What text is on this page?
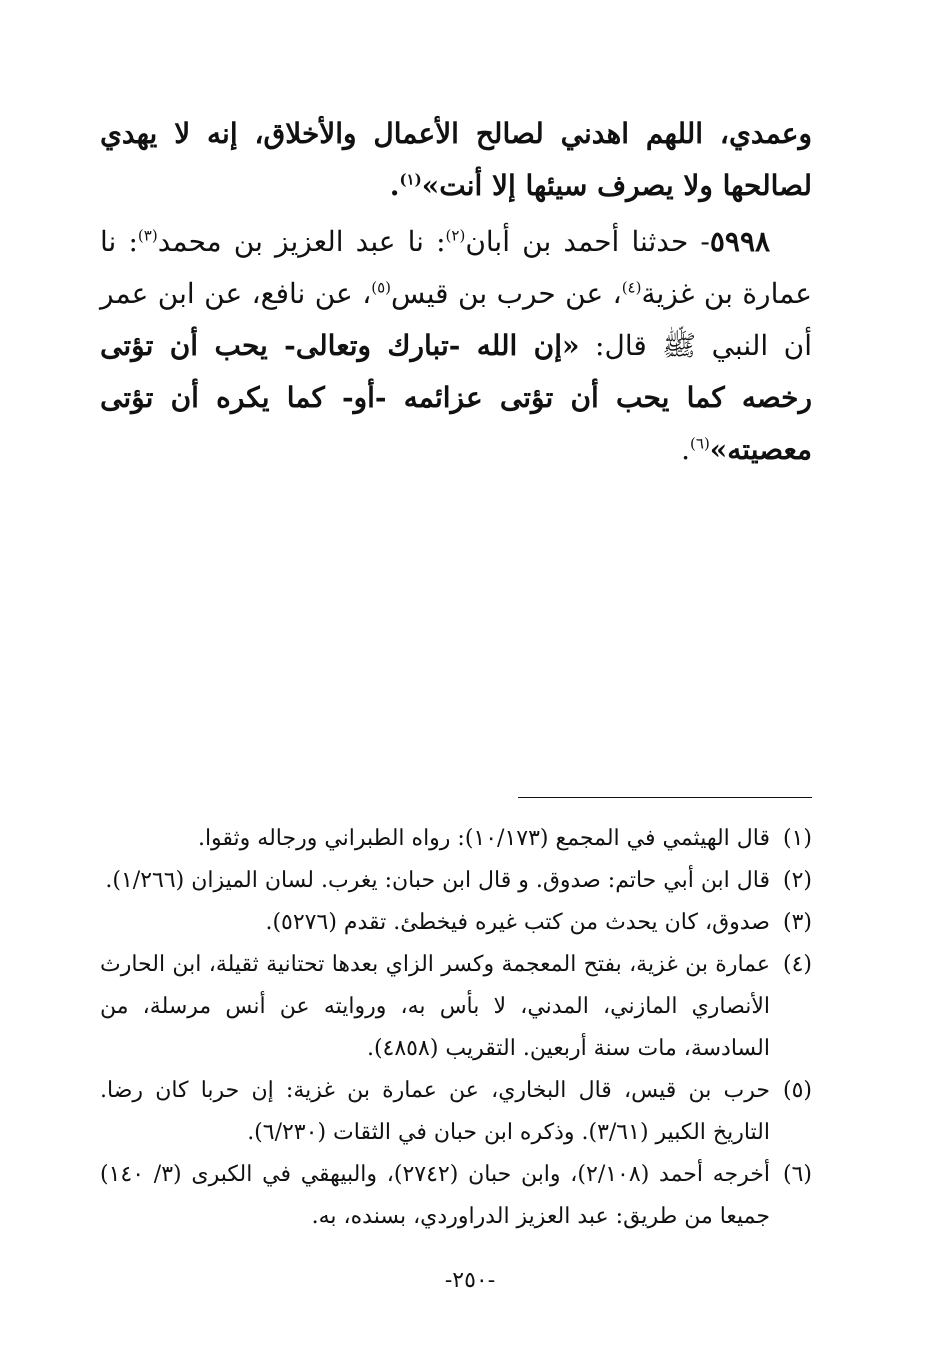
وعمدي، اللهم اهدني لصالح الأعمال والأخلاق، إنه لا يهدي لصالحها ولا يصرف سيئها إلا أنت»$^{(١)}$.

٥٩٩٨- حدثنا أحمد بن أبان$^{(٢)}$: نا عبد العزيز بن محمد$^{(٣)}$: نا عمارة بن غزية$^{(٤)}$، عن حرب بن قيس$^{(٥)}$، عن نافع، عن ابن عمر أن النبي ﷺ قال: «إن الله -تبارك وتعالى- يحب أن تؤتى رخصه كما يحب أن تؤتى عزائمه -أو- كما يكره أن تؤتى معصيته»$^{(٦)}$.

(١)
قال الهيثمي في المجمع (١٠/١٧٣): رواه الطبراني ورجاله وثقوا.
(٢)
قال ابن أبي حاتم: صدوق. و قال ابن حبان: يغرب. لسان الميزان (١/٢٦٦).
(٣)
صدوق، كان يحدث من كتب غيره فيخطئ. تقدم (٥٢٧٦).
(٤)
عمارة بن غزية، بفتح المعجمة وكسر الزاي بعدها تحتانية ثقيلة، ابن الحارث الأنصاري المازني، المدني، لا بأس به، وروايته عن أنس مرسلة، من السادسة، مات سنة أربعين. التقريب (٤٨٥٨).
(٥)
حرب بن قيس، قال البخاري، عن عمارة بن غزية: إن حربا كان رضا. التاريخ الكبير (٣/٦١). وذكره ابن حبان في الثقات (٦/٢٣٠).
(٦)
أخرجه أحمد (٢/١٠٨)، وابن حبان (٢٧٤٢)، والبيهقي في الكبرى (٣/ ١٤٠) جميعا من طريق: عبد العزيز الدراوردي، بسنده، به.
-٢٥٠-
